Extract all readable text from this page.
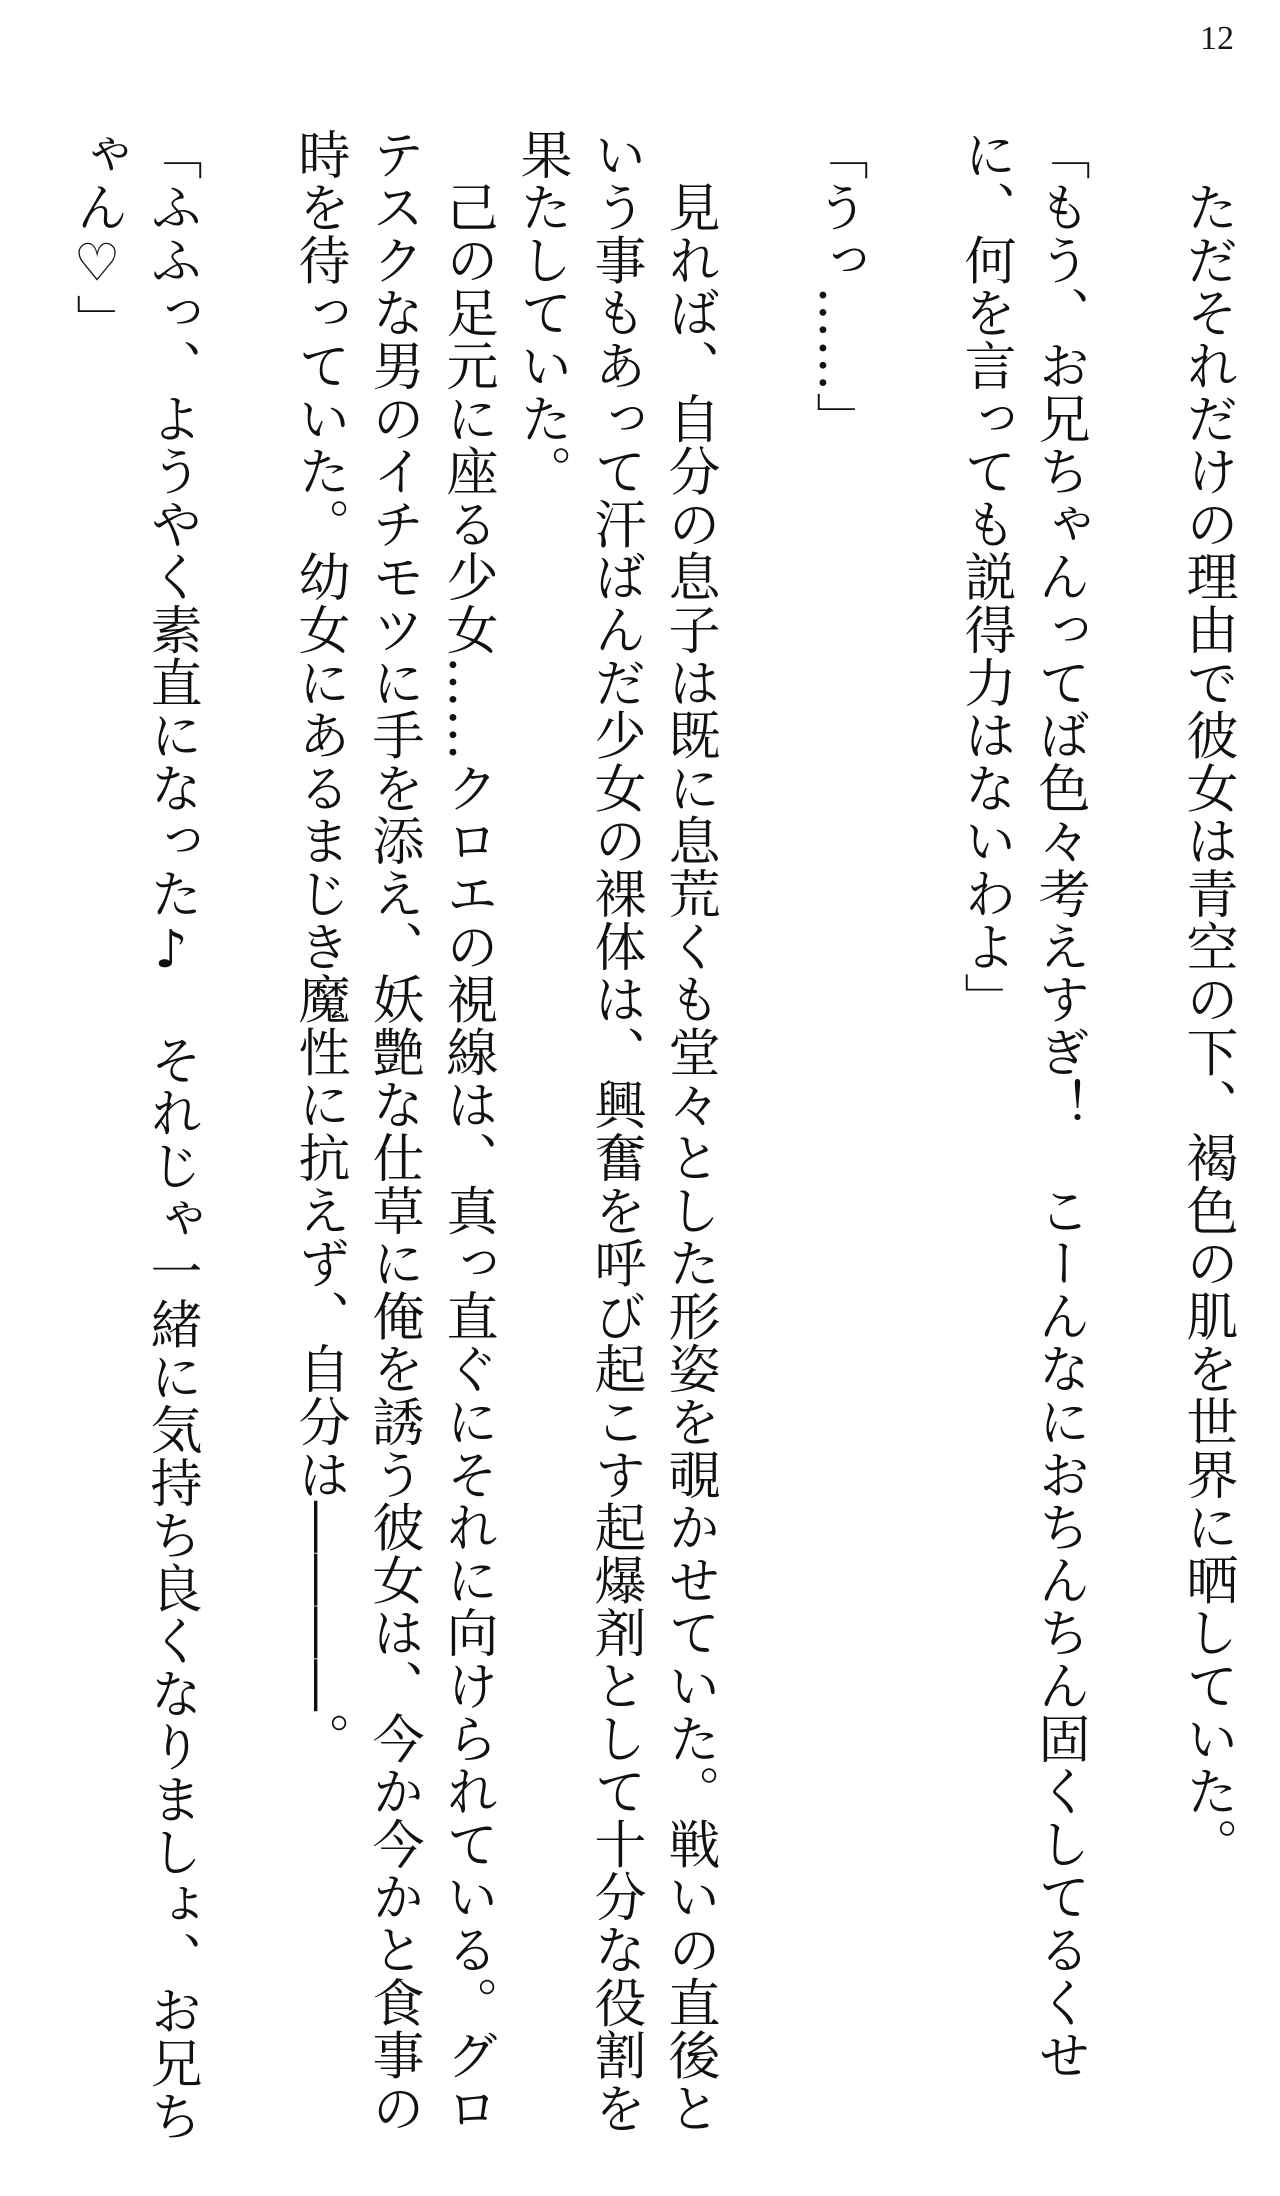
12

　ただそれだけの理由で彼女は青空の下、褐色の肌を世界に晒していた。

「もう、お兄ちゃんってば色々考えすぎ！　こーんなにおちんちん固くしてるくせに、何を言っても説得力はないわよ」

「うっ……」

　見れば、自分の息子は既に息荒くも堂々とした形姿を覗かせていた。戦いの直後という事もあって汗ばんだ少女の裸体は、興奮を呼び起こす起爆剤として十分な役割を果たしていた。

　己の足元に座る少女……クロエの視線は、真っ直ぐにそれに向けられている。グロテスクな男のイチモツに手を添え、妖艶な仕草に俺を誘う彼女は、今か今かと食事の時を待っていた。幼女にあるまじき魔性に抗えず、自分は――――。

「ふふっ、ようやく素直になった♪　それじゃ一緒に気持ち良くなりましょ、お兄ちゃん♡」
